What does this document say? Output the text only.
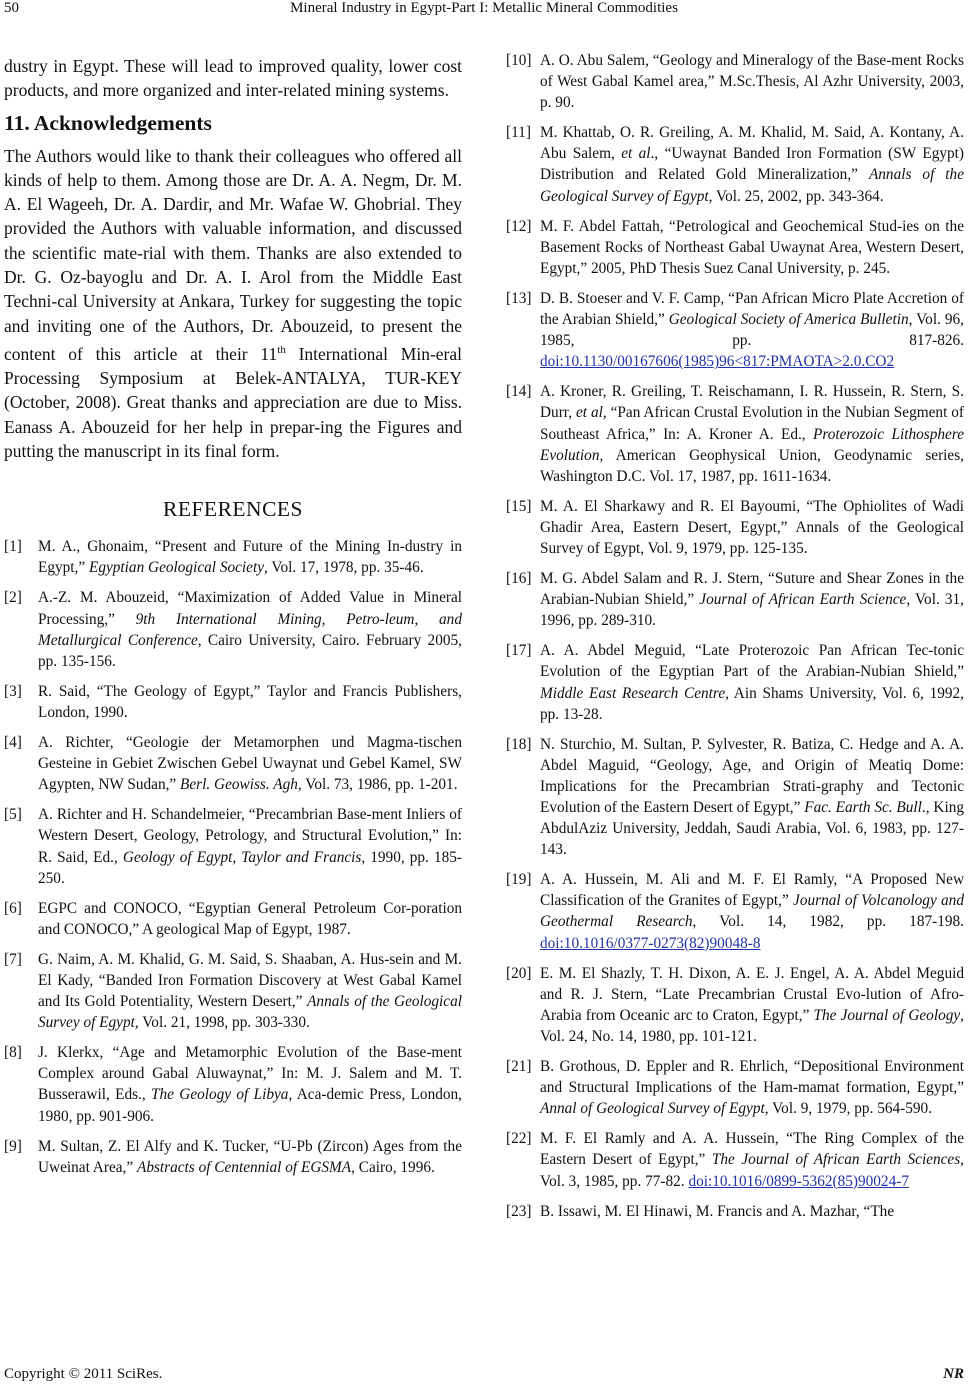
50	Mineral Industry in Egypt-Part I: Metallic Mineral Commodities

dustry in Egypt. These will lead to improved quality, lower cost products, and more organized and inter-related mining systems.

11. Acknowledgements

The Authors would like to thank their colleagues who offered all kinds of help to them. Among those are Dr. A. A. Negm, Dr. M. A. El Wageeh, Dr. A. Dardir, and Mr. Wafae W. Ghobrial. They provided the Authors with valuable information, and discussed the scientific mate-rial with them. Thanks are also extended to Dr. G. Oz-bayoglu and Dr. A. I. Arol from the Middle East Techni-cal University at Ankara, Turkey for suggesting the topic and inviting one of the Authors, Dr. Abouzeid, to present the content of this article at their 11th International Min-eral Processing Symposium at Belek-ANTALYA, TUR-KEY (October, 2008). Great thanks and appreciation are due to Miss. Eanass A. Abouzeid for her help in prepar-ing the Figures and putting the manuscript in its final form.

REFERENCES
[1]	M. A., Ghonaim, “Present and Future of the Mining In-dustry in Egypt,” Egyptian Geological Society, Vol. 17, 1978, pp. 35-46.
[2]	A.-Z. M. Abouzeid, “Maximization of Added Value in Mineral Processing,” 9th International Mining, Petro-leum, and Metallurgical Conference, Cairo University, Cairo. February 2005, pp. 135-156.
[3]	R. Said, “The Geology of Egypt,” Taylor and Francis Publishers, London, 1990.
[4]	A. Richter, “Geologie der Metamorphen und Magma-tischen Gesteine in Gebiet Zwischen Gebel Uwaynat und Gebel Kamel, SW Agypten, NW Sudan,” Berl. Geowiss. Agh, Vol. 73, 1986, pp. 1-201.
[5]	A. Richter and H. Schandelmeier, “Precambrian Base-ment Inliers of Western Desert, Geology, Petrology, and Structural Evolution,” In: R. Said, Ed., Geology of Egypt, Taylor and Francis, 1990, pp. 185-250.
[6]	EGPC and CONOCO, “Egyptian General Petroleum Cor-poration and CONOCO,” A geological Map of Egypt, 1987.
[7]	G. Naim, A. M. Khalid, G. M. Said, S. Shaaban, A. Hus-sein and M. El Kady, “Banded Iron Formation Discovery at West Gabal Kamel and Its Gold Potentiality, Western Desert,” Annals of the Geological Survey of Egypt, Vol. 21, 1998, pp. 303-330.
[8]	J. Klerkx, “Age and Metamorphic Evolution of the Base-ment Complex around Gabal Aluwaynat,” In: M. J. Salem and M. T. Busserawil, Eds., The Geology of Libya, Aca-demic Press, London, 1980, pp. 901-906.
[9]	M. Sultan, Z. El Alfy and K. Tucker, “U-Pb (Zircon) Ages from the Uweinat Area,” Abstracts of Centennial of EGSMA, Cairo, 1996.
[10] A. O. Abu Salem, “Geology and Mineralogy of the Base-ment Rocks of West Gabal Kamel area,” M.Sc.Thesis, Al Azhr University, 2003, p. 90.
[11] M. Khattab, O. R. Greiling, A. M. Khalid, M. Said, A. Kontany, A. Abu Salem, et al., “Uwaynat Banded Iron Formation (SW Egypt) Distribution and Related Gold Mineralization,” Annals of the Geological Survey of Egypt, Vol. 25, 2002, pp. 343-364.
[12] M. F. Abdel Fattah, “Petrological and Geochemical Stud-ies on the Basement Rocks of Northeast Gabal Uwaynat Area, Western Desert, Egypt,” 2005, PhD Thesis Suez Canal University, p. 245.
[13] D. B. Stoeser and V. F. Camp, “Pan African Micro Plate Accretion of the Arabian Shield,” Geological Society of America Bulletin, Vol. 96, 1985, pp. 817-826. doi:10.1130/00167606(1985)96<817:PMAOTA>2.0.CO2
[14] A. Kroner, R. Greiling, T. Reischamann, I. R. Hussein, R. Stern, S. Durr, et al, “Pan African Crustal Evolution in the Nubian Segment of Southeast Africa,” In: A. Kroner A. Ed., Proterozoic Lithosphere Evolution, American Geophysical Union, Geodynamic series, Washington D.C. Vol. 17, 1987, pp. 1611-1634.
[15] M. A. El Sharkawy and R. El Bayoumi, “The Ophiolites of Wadi Ghadir Area, Eastern Desert, Egypt,” Annals of the Geological Survey of Egypt, Vol. 9, 1979, pp. 125-135.
[16] M. G. Abdel Salam and R. J. Stern, “Suture and Shear Zones in the Arabian-Nubian Shield,” Journal of African Earth Science, Vol. 31, 1996, pp. 289-310.
[17] A. A. Abdel Meguid, “Late Proterozoic Pan African Tec-tonic Evolution of the Egyptian Part of the Arabian-Nubian Shield,” Middle East Research Centre, Ain Shams University, Vol. 6, 1992, pp. 13-28.
[18] N. Sturchio, M. Sultan, P. Sylvester, R. Batiza, C. Hedge and A. A. Abdel Maguid, “Geology, Age, and Origin of Meatiq Dome: Implications for the Precambrian Strati-graphy and Tectonic Evolution of the Eastern Desert of Egypt,” Fac. Earth Sc. Bull., King AbdulAziz University, Jeddah, Saudi Arabia, Vol. 6, 1983, pp. 127-143.
[19] A. A. Hussein, M. Ali and M. F. El Ramly, “A Proposed New Classification of the Granites of Egypt,” Journal of Volcanology and Geothermal Research, Vol. 14, 1982, pp. 187-198. doi:10.1016/0377-0273(82)90048-8
[20] E. M. El Shazly, T. H. Dixon, A. E. J. Engel, A. A. Abdel Meguid and R. J. Stern, “Late Precambrian Crustal Evo-lution of Afro-Arabia from Oceanic arc to Craton, Egypt,” The Journal of Geology, Vol. 24, No. 14, 1980, pp. 101-121.
[21] B. Grothous, D. Eppler and R. Ehrlich, “Depositional Environment and Structural Implications of the Ham-mamat formation, Egypt,” Annal of Geological Survey of Egypt, Vol. 9, 1979, pp. 564-590.
[22] M. F. El Ramly and A. A. Hussein, “The Ring Complex of the Eastern Desert of Egypt,” The Journal of African Earth Sciences, Vol. 3, 1985, pp. 77-82. doi:10.1016/0899-5362(85)90024-7
[23] B. Issawi, M. El Hinawi, M. Francis and A. Mazhar, “The
Copyright © 2011 SciRes.	NR
